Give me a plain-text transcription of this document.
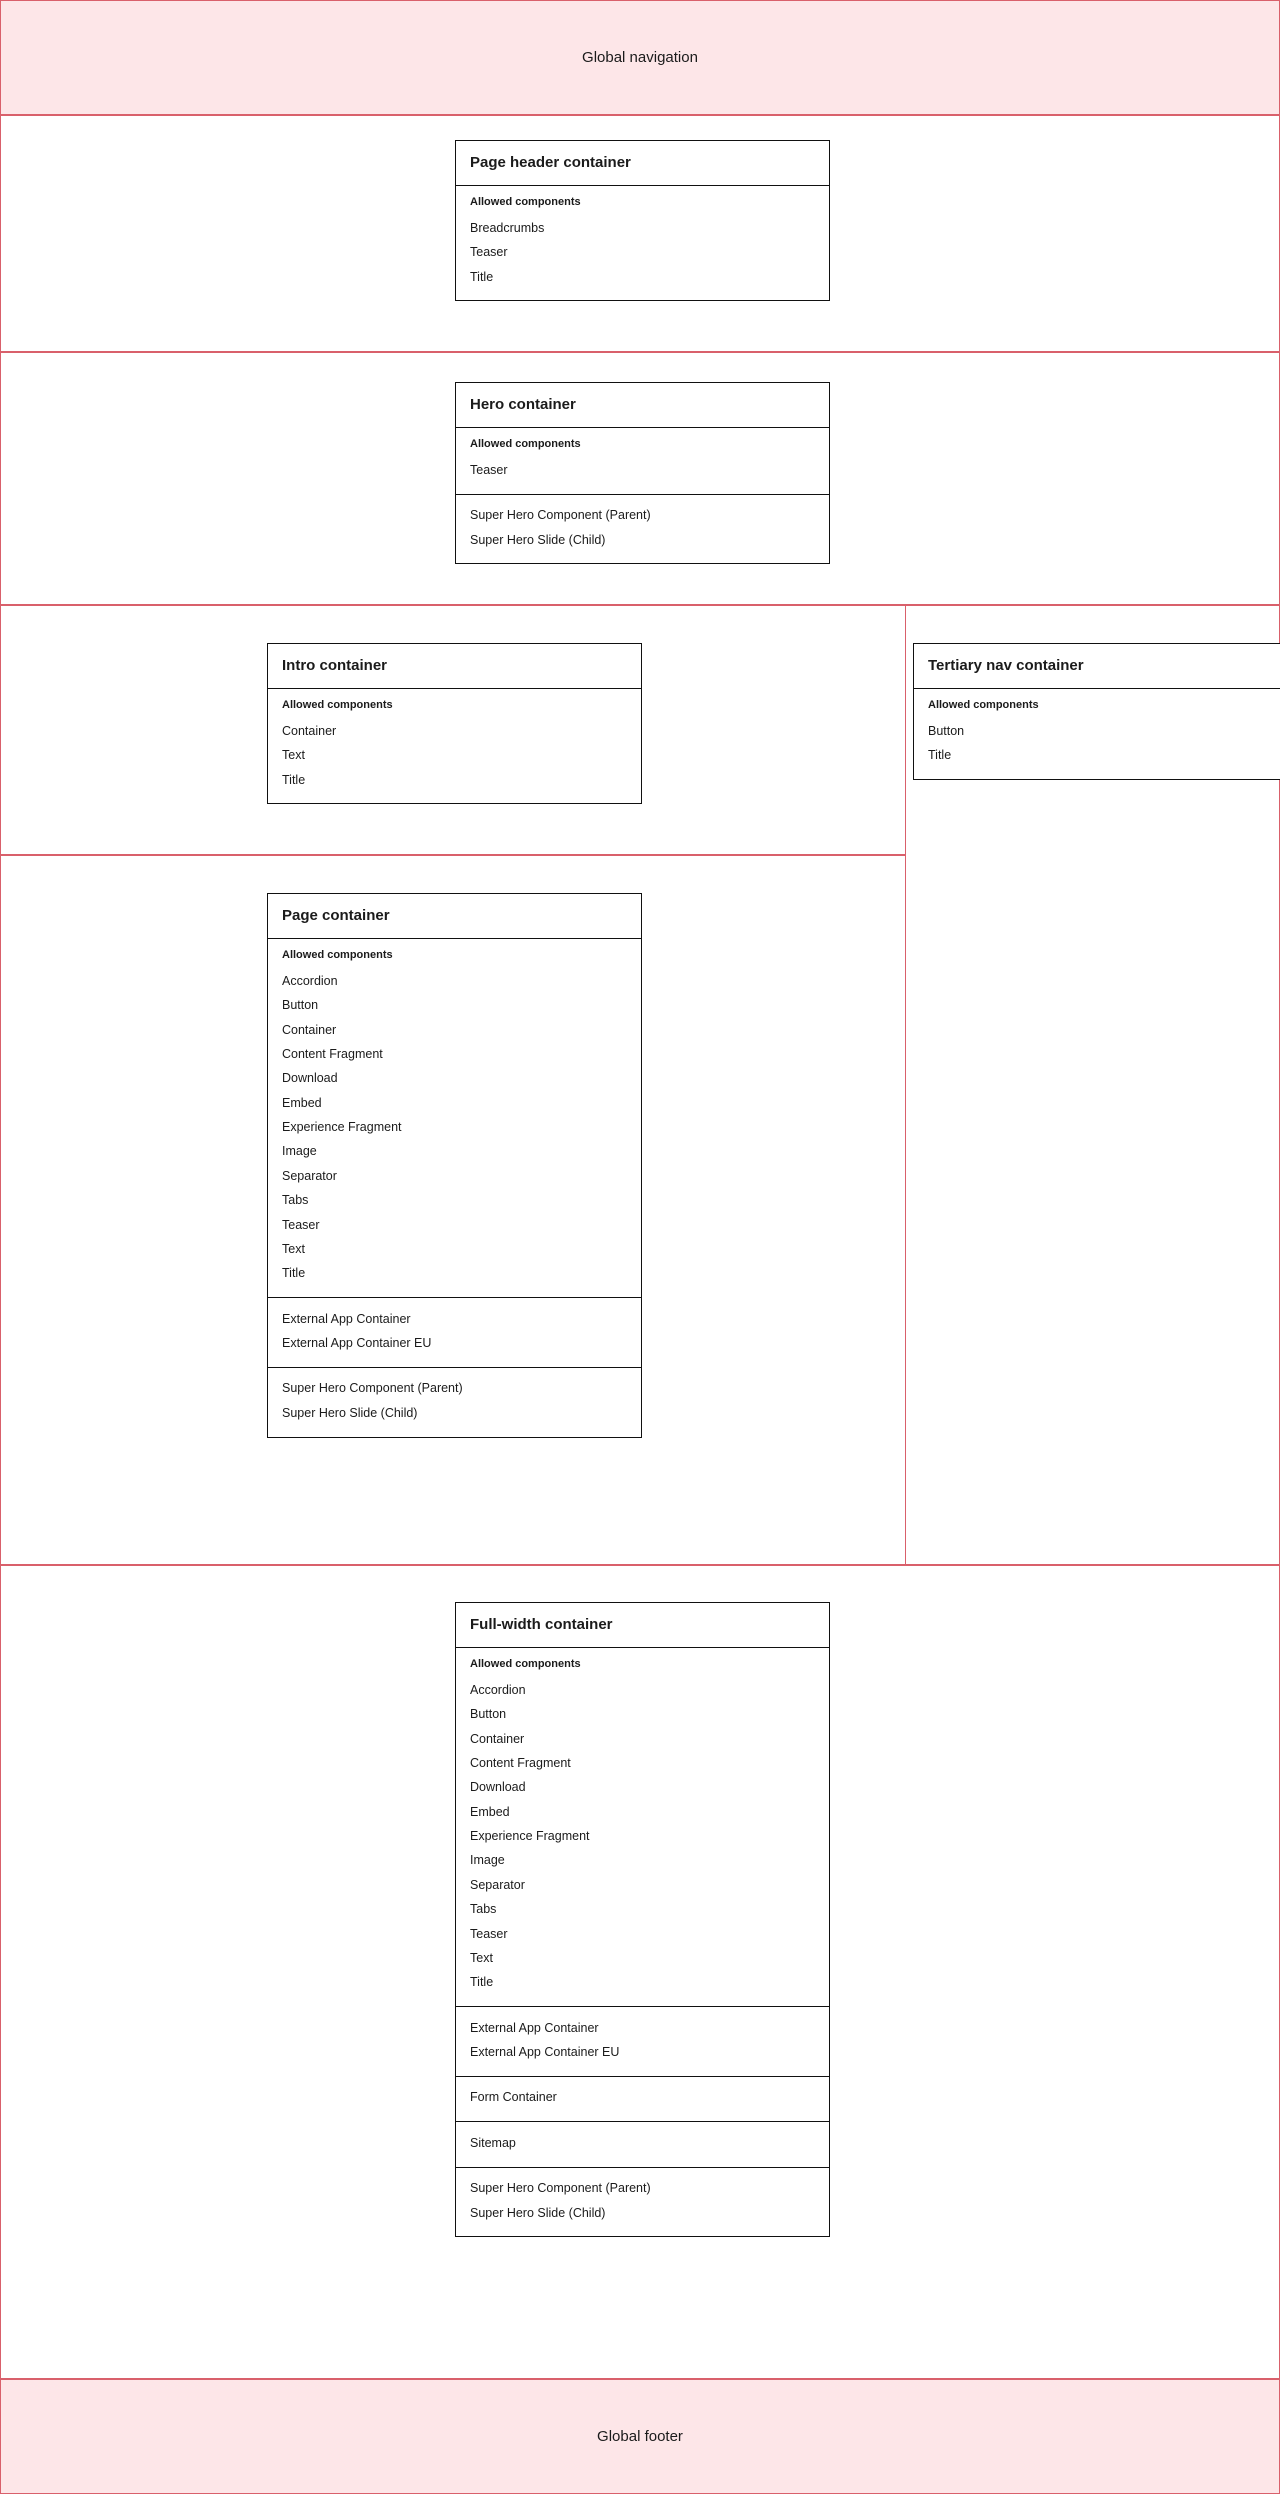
Global navigation
Global footer
Page header container
Allowed components
Breadcrumbs
Teaser
Title
Hero container
Allowed components
Teaser
Super Hero Component (Parent)
Super Hero Slide (Child)
Intro container
Allowed components
Container
Text
Title
Tertiary nav container
Allowed components
Button
Title
Page container
Allowed components
Accordion
Button
Container
Content Fragment
Download
Embed
Experience Fragment
Image
Separator
Tabs
Teaser
Text
Title
External App Container
External App Container EU
Super Hero Component (Parent)
Super Hero Slide (Child)
Full-width container
Allowed components
Accordion
Button
Container
Content Fragment
Download
Embed
Experience Fragment
Image
Separator
Tabs
Teaser
Text
Title
External App Container
External App Container EU
Form Container
Sitemap
Super Hero Component (Parent)
Super Hero Slide (Child)
